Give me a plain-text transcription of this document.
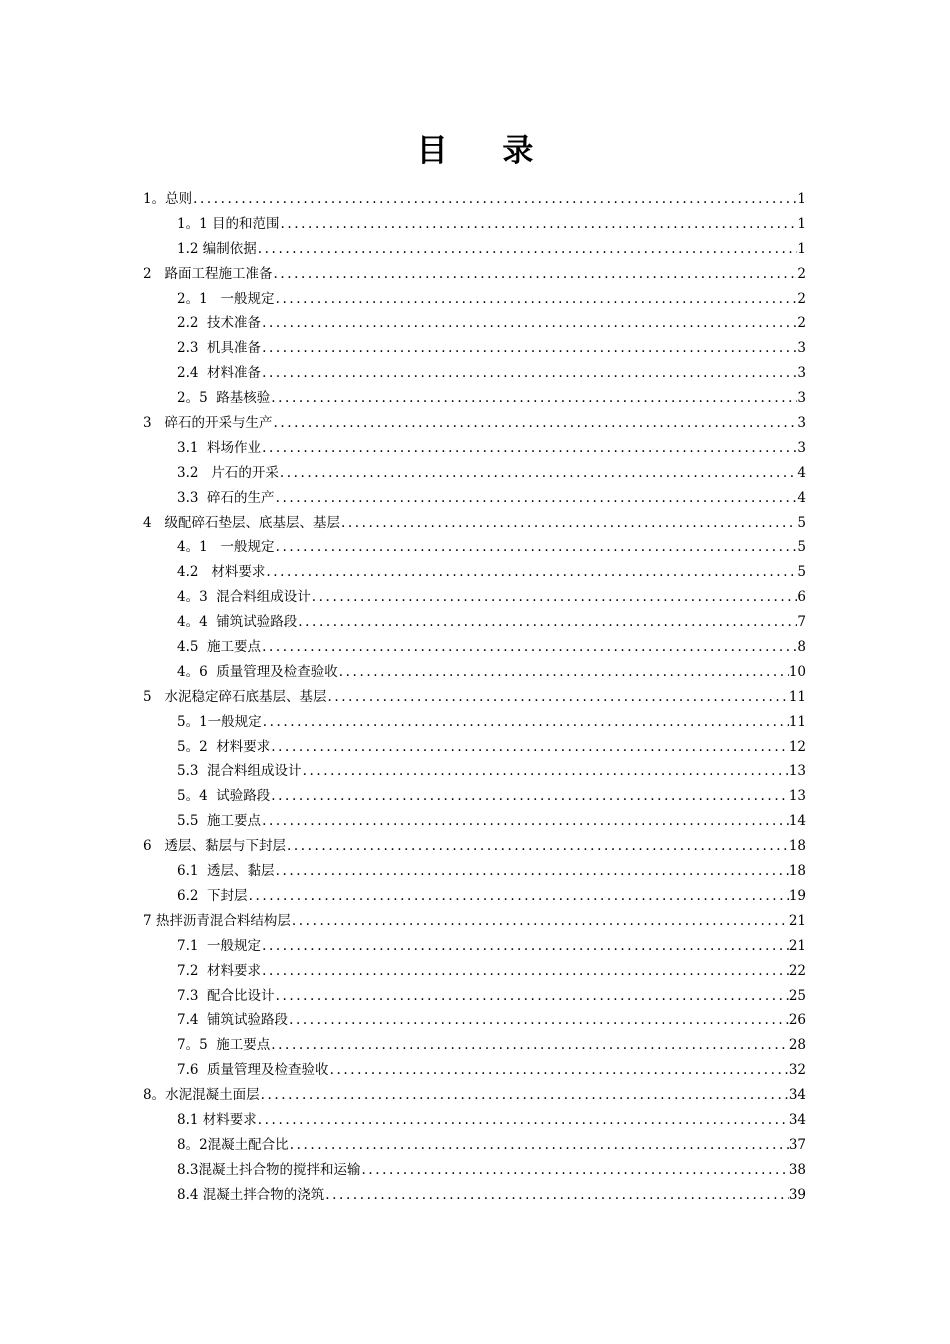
目 录
1。总则 .....	1
1。1 目的和范围 .....	1
1.2 编制依据 .....	1
2   路面工程施工准备 .....	2
2。1   一般规定 .....	2
2.2  技术准备 .....	2
2.3  机具准备 .....	3
2.4  材料准备 .....	3
2。5  路基核验 .....	3
3   碎石的开采与生产 .....	3
3.1  料场作业 .....	3
3.2   片石的开采 .....	4
3.3  碎石的生产 .....	4
4   级配碎石垫层、底基层、基层 .....	5
4。1   一般规定 .....	5
4.2   材料要求 .....	5
4。3  混合料组成设计 .....	6
4。4  铺筑试验路段 .....	7
4.5  施工要点 .....	8
4。6  质量管理及检查验收 .....	10
5   水泥稳定碎石底基层、基层 .....	11
5。1一般规定 .....	11
5。2  材料要求 .....	12
5.3  混合料组成设计 .....	13
5。4  试验路段 .....	13
5.5  施工要点 .....	14
6   透层、黏层与下封层 .....	18
6.1  透层、黏层 .....	18
6.2  下封层 .....	19
7 热拌沥青混合料结构层 .....	21
7.1  一般规定 .....	21
7.2  材料要求 .....	22
7.3  配合比设计 .....	25
7.4  铺筑试验路段 .....	26
7。5  施工要点 .....	28
7.6  质量管理及检查验收 .....	32
8。水泥混凝土面层 .....	34
8.1 材料要求 .....	34
8。2混凝土配合比 .....	37
8.3混凝土抖合物的搅拌和运输 .....	38
8.4 混凝土拌合物的浇筑 .....	39
